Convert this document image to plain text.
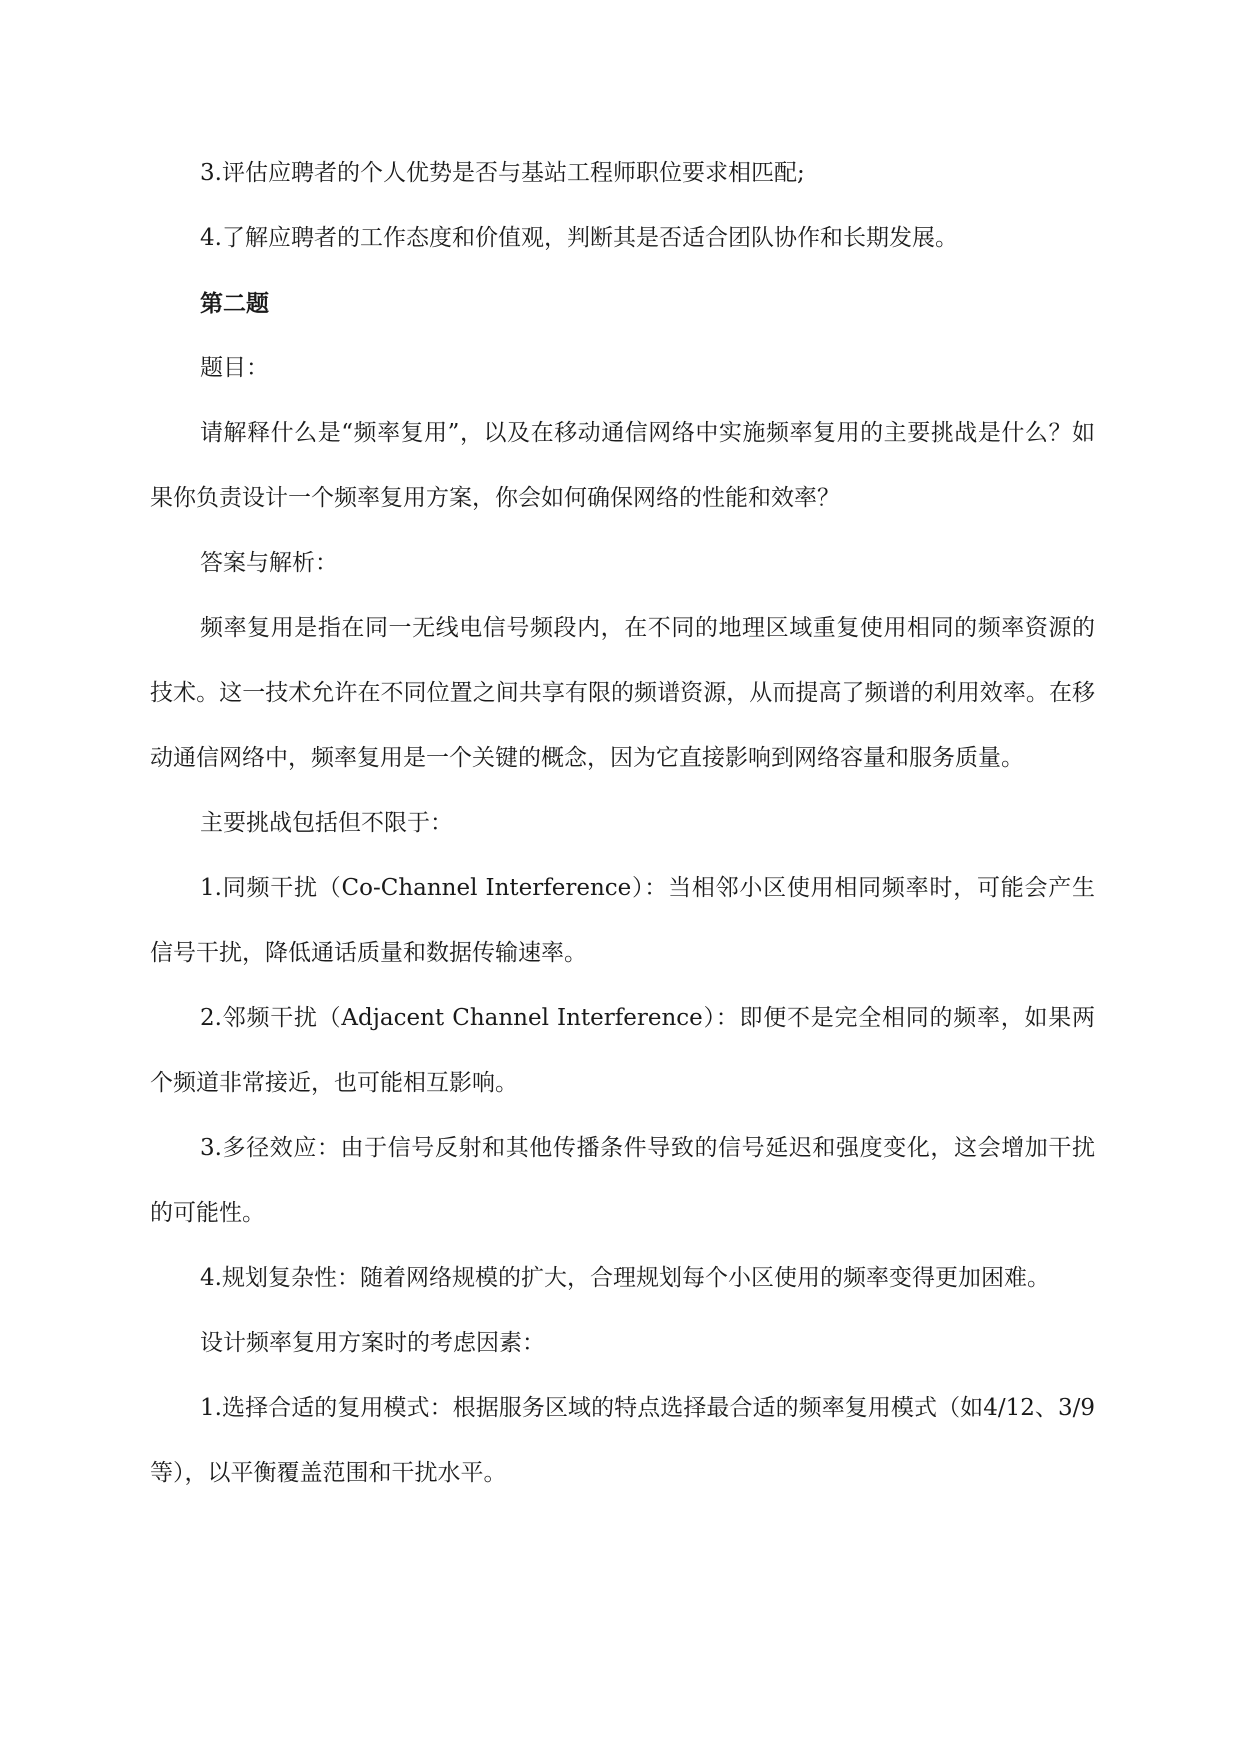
3.评估应聘者的个人优势是否与基站工程师职位要求相匹配;

4.了解应聘者的工作态度和价值观，判断其是否适合团队协作和长期发展。

第二题

题目：

请解释什么是“频率复用”，以及在移动通信网络中实施频率复用的主要挑战是什么？如果你负责设计一个频率复用方案，你会如何确保网络的性能和效率？

答案与解析：

频率复用是指在同一无线电信号频段内，在不同的地理区域重复使用相同的频率资源的技术。这一技术允许在不同位置之间共享有限的频谱资源，从而提高了频谱的利用效率。在移动通信网络中，频率复用是一个关键的概念，因为它直接影响到网络容量和服务质量。

主要挑战包括但不限于：

1.同频干扰（Co-Channel Interference）：当相邻小区使用相同频率时，可能会产生信号干扰，降低通话质量和数据传输速率。

2.邻频干扰（Adjacent Channel Interference）：即便不是完全相同的频率，如果两个频道非常接近，也可能相互影响。

3.多径效应：由于信号反射和其他传播条件导致的信号延迟和强度变化，这会增加干扰的可能性。

4.规划复杂性：随着网络规模的扩大，合理规划每个小区使用的频率变得更加困难。

设计频率复用方案时的考虑因素：

1.选择合适的复用模式：根据服务区域的特点选择最合适的频率复用模式（如4/12、3/9等），以平衡覆盖范围和干扰水平。
